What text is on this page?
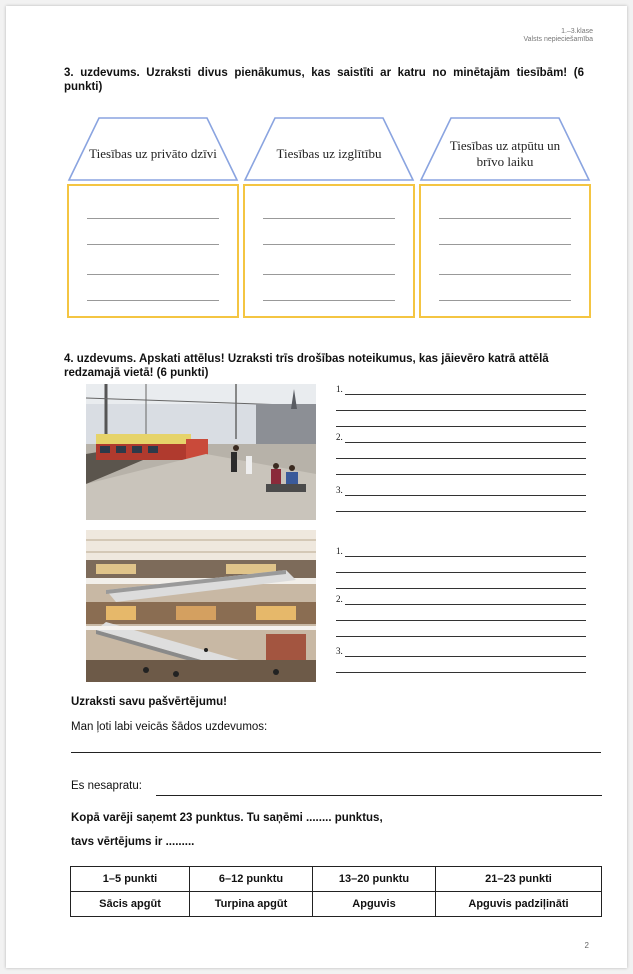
1.–3.klase
Valsts nepieciešamība
3. uzdevums. Uzraksti divus pienākumus, kas saistīti ar katru no minētajām tiesībām! (6 punkti)
Tiesības uz privāto dzīvi	Tiesības uz izglītību
Tiesības uz atpūtu un brīvo laiku
4. uzdevums. Apskati attēlus! Uzraksti trīs drošības noteikumus, kas jāievēro katrā attēlā redzamajā vietā! (6 punkti)
1.
2.
3.
1.
2.
3.
Uzraksti savu pašvērtējumu!
Man ļoti labi veicās šādos uzdevumos:
Es nesapratu:
Kopā varēji saņemt 23 punktus. Tu saņēmi ........ punktus,
tavs vērtējums ir .........
1–5 punkti	6–12 punktu	13–20 punktu	21–23 punkti
Sācis apgūt	Turpina apgūt	Apguvis	Apguvis padziļināti
2
